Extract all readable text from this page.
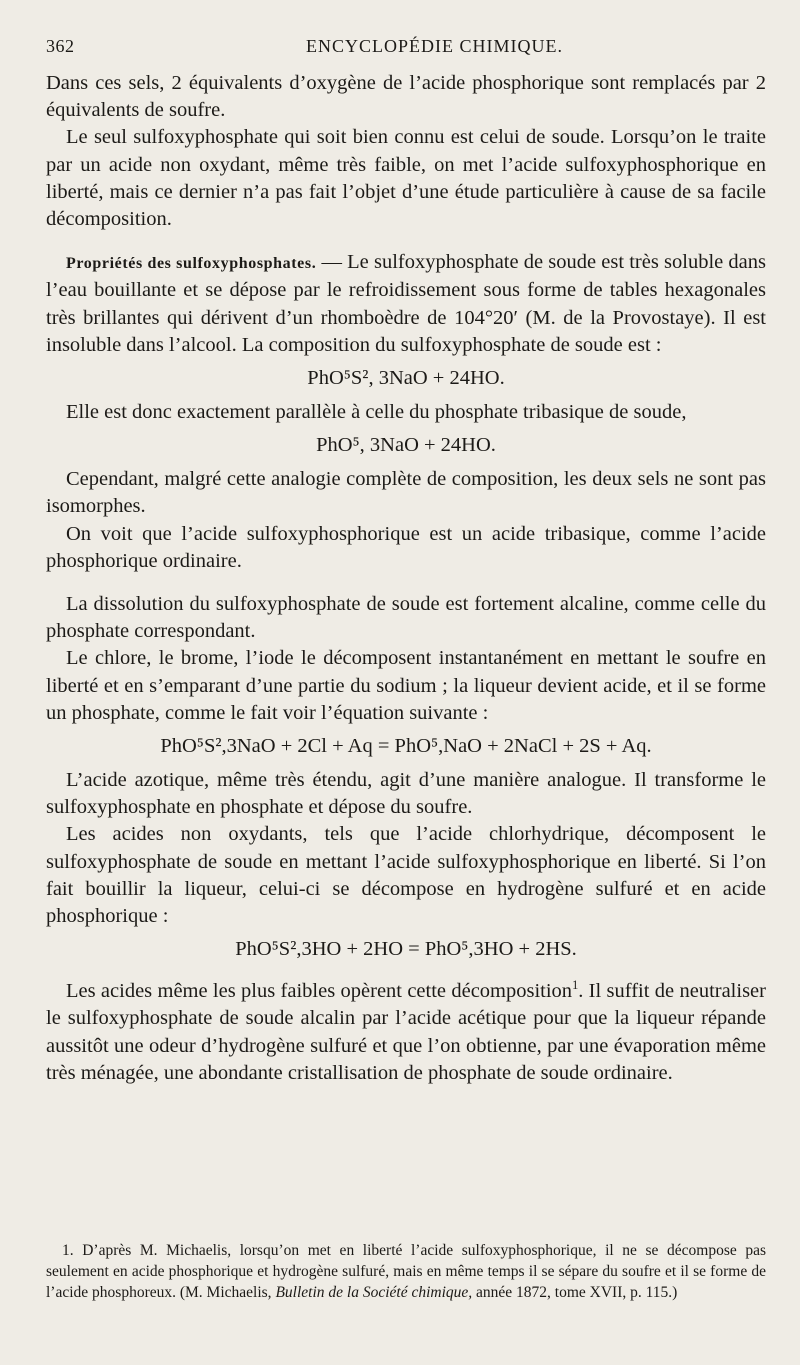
362	ENCYCLOPÉDIE CHIMIQUE.

Dans ces sels, 2 équivalents d’oxygène de l’acide phosphorique sont remplacés par 2 équivalents de soufre.

Le seul sulfoxyphosphate qui soit bien connu est celui de soude. Lorsqu’on le traite par un acide non oxydant, même très faible, on met l’acide sulfoxyphosphorique en liberté, mais ce dernier n’a pas fait l’objet d’une étude particulière à cause de sa facile décomposition.

Propriétés des sulfoxyphosphates. — Le sulfoxyphosphate de soude est très soluble dans l’eau bouillante et se dépose par le refroidissement sous forme de tables hexagonales très brillantes qui dérivent d’un rhomboèdre de 104°20′ (M. de la Provostaye). Il est insoluble dans l’alcool. La composition du sulfoxyphosphate de soude est :

PhO⁵S², 3NaO + 24HO.

Elle est donc exactement parallèle à celle du phosphate tribasique de soude,

PhO⁵, 3NaO + 24HO.

Cependant, malgré cette analogie complète de composition, les deux sels ne sont pas isomorphes.

On voit que l’acide sulfoxyphosphorique est un acide tribasique, comme l’acide phosphorique ordinaire.

La dissolution du sulfoxyphosphate de soude est fortement alcaline, comme celle du phosphate correspondant.

Le chlore, le brome, l’iode le décomposent instantanément en mettant le soufre en liberté et en s’emparant d’une partie du sodium ; la liqueur devient acide, et il se forme un phosphate, comme le fait voir l’équation suivante :

PhO⁵S²,3NaO + 2Cl + Aq = PhO⁵,NaO + 2NaCl + 2S + Aq.

L’acide azotique, même très étendu, agit d’une manière analogue. Il transforme le sulfoxyphosphate en phosphate et dépose du soufre.

Les acides non oxydants, tels que l’acide chlorhydrique, décomposent le sulfoxyphosphate de soude en mettant l’acide sulfoxyphosphorique en liberté. Si l’on fait bouillir la liqueur, celui-ci se décompose en hydrogène sulfuré et en acide phosphorique :

PhO⁵S²,3HO + 2HO = PhO⁵,3HO + 2HS.

Les acides même les plus faibles opèrent cette décomposition$^1$. Il suffit de neutraliser le sulfoxyphosphate de soude alcalin par l’acide acétique pour que la liqueur répande aussitôt une odeur d’hydrogène sulfuré et que l’on obtienne, par une évaporation même très ménagée, une abondante cristallisation de phosphate de soude ordinaire.

1. D’après M. Michaelis, lorsqu’on met en liberté l’acide sulfoxyphosphorique, il ne se décompose pas seulement en acide phosphorique et hydrogène sulfuré, mais en même temps il se sépare du soufre et il se forme de l’acide phosphoreux. (M. Michaelis, Bulletin de la Société chimique, année 1872, tome XVII, p. 115.)
